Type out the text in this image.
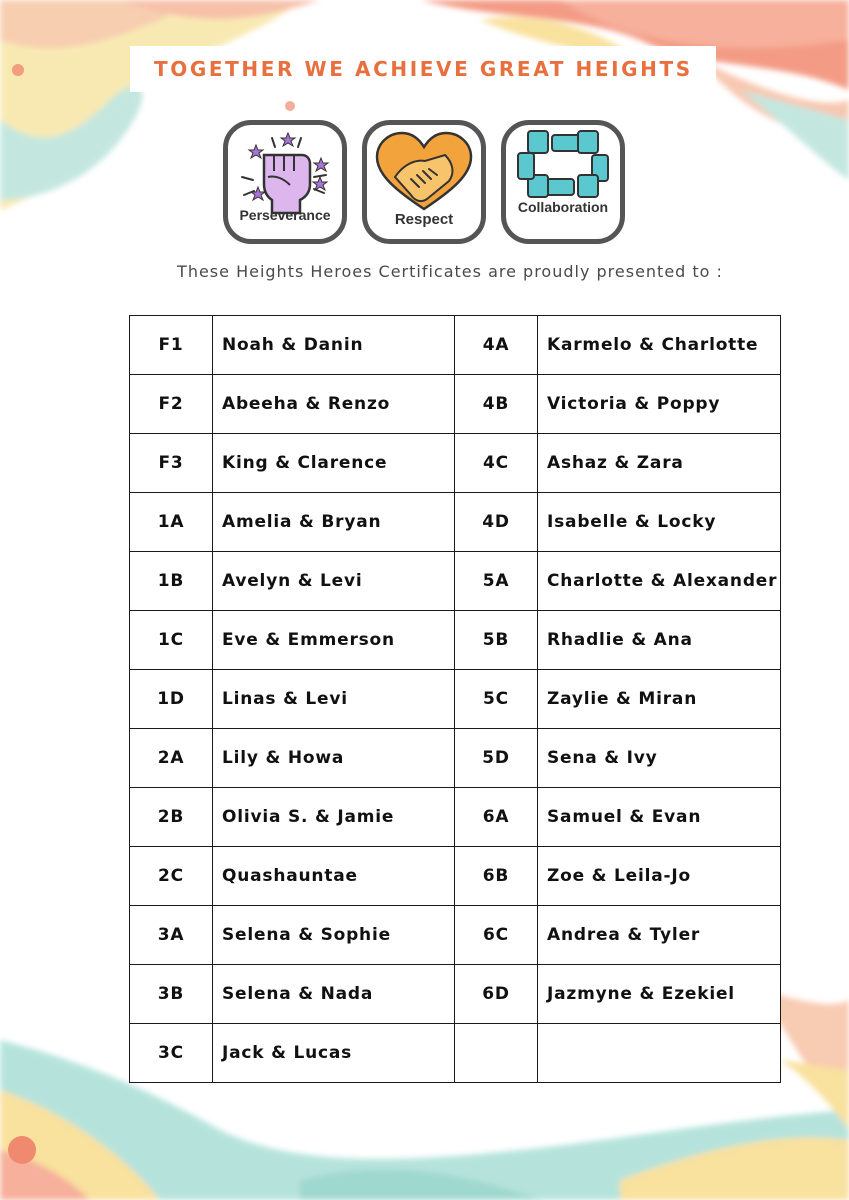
TOGETHER WE ACHIEVE GREAT HEIGHTS
Perseverance	Respect
Collaboration
These Heights Heroes Certificates are proudly presented to :
F1	Noah & Danin	4A	Karmelo & Charlotte
F2	Abeeha & Renzo	4B	Victoria & Poppy
F3	King & Clarence	4C	Ashaz & Zara
1A	Amelia & Bryan	4D	Isabelle & Locky
1B	Avelyn & Levi	5A	Charlotte & Alexander
1C	Eve & Emmerson	5B	Rhadlie & Ana
1D	Linas & Levi	5C	Zaylie & Miran
2A	Lily & Howa	5D	Sena & Ivy
2B	Olivia S. & Jamie	6A	Samuel & Evan
2C	Quashauntae	6B	Zoe & Leila-Jo
3A	Selena & Sophie	6C	Andrea & Tyler
3B	Selena & Nada	6D	Jazmyne & Ezekiel
3C	Jack & Lucas		
